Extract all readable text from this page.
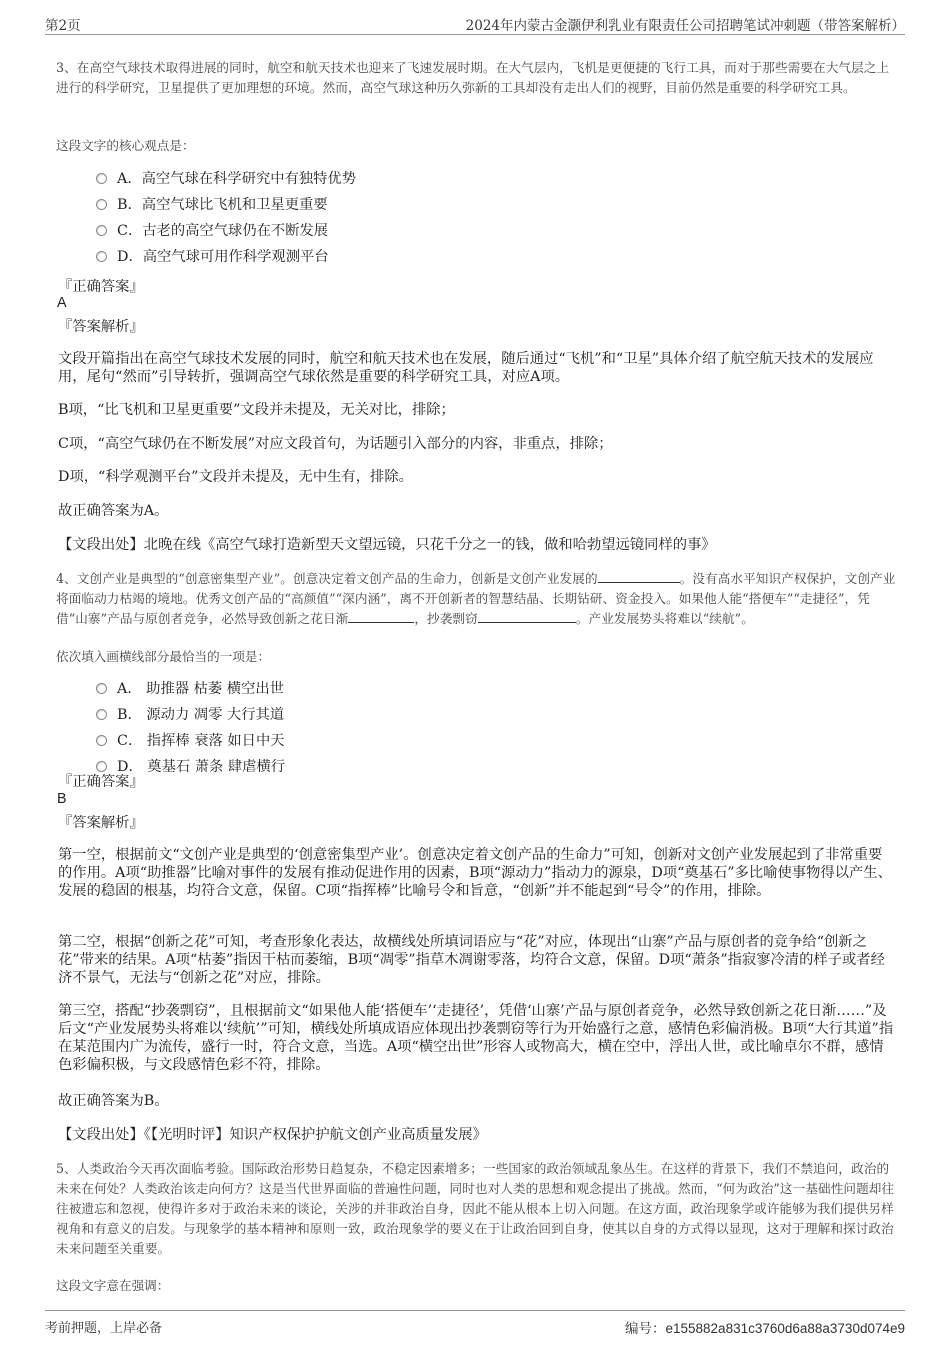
第2页	2024年内蒙古金灏伊利乳业有限责任公司招聘笔试冲刺题（带答案解析）
3、在高空气球技术取得进展的同时，航空和航天技术也迎来了飞速发展时期。在大气层内，飞机是更便捷的飞行工具，而对于那些需要在大气层之上进行的科学研究，卫星提供了更加理想的环境。然而，高空气球这种历久弥新的工具却没有走出人们的视野，目前仍然是重要的科学研究工具。
这段文字的核心观点是：
A．高空气球在科学研究中有独特优势
B．高空气球比飞机和卫星更重要
C．古老的高空气球仍在不断发展
D．高空气球可用作科学观测平台
『正确答案』
A
『答案解析』
文段开篇指出在高空气球技术发展的同时，航空和航天技术也在发展，随后通过“飞机”和“卫星”具体介绍了航空航天技术的发展应用，尾句“然而”引导转折，强调高空气球依然是重要的科学研究工具，对应A项。
B项，“比飞机和卫星更重要”文段并未提及，无关对比，排除；
C项，“高空气球仍在不断发展”对应文段首句，为话题引入部分的内容，非重点，排除；
D项，“科学观测平台”文段并未提及，无中生有，排除。
故正确答案为A。
【文段出处】北晚在线《高空气球打造新型天文望远镜，只花千分之一的钱，做和哈勃望远镜同样的事》
4、文创产业是典型的“创意密集型产业”。创意决定着文创产品的生命力，创新是文创产业发展的	。没有高水平知识产权保护，文创产业将面临动力枯竭的境地。优秀文创产品的“高颜值”“深内涵”，离不开创新者的智慧结晶、长期钻研、资金投入。如果他人能“搭便车”“走捷径”，凭借“山寨”产品与原创者竞争，必然导致创新之花日渐	，抄袭剽窃	。产业发展势头将难以“续航”。
依次填入画横线部分最恰当的一项是：
A． 助推器 枯萎 横空出世
B． 源动力 凋零 大行其道
C． 指挥棒 衰落 如日中天
D． 奠基石 萧条 肆虐横行
『正确答案』
B
『答案解析』
第一空，根据前文“文创产业是典型的‘创意密集型产业’。创意决定着文创产品的生命力”可知，创新对文创产业发展起到了非常重要的作用。A项“助推器”比喻对事件的发展有推动促进作用的因素，B项“源动力”指动力的源泉，D项“奠基石”多比喻使事物得以产生、发展的稳固的根基，均符合文意，保留。C项“指挥棒”比喻号令和旨意，“创新”并不能起到“号令”的作用，排除。
第二空，根据“创新之花”可知，考查形象化表达，故横线处所填词语应与“花”对应，体现出“山寨”产品与原创者的竞争给“创新之花”带来的结果。A项“枯萎”指因干枯而萎缩，B项“凋零”指草木凋谢零落，均符合文意，保留。D项“萧条”指寂寥冷清的样子或者经济不景气，无法与“创新之花”对应，排除。
第三空，搭配“抄袭剽窃”，且根据前文“如果他人能‘搭便车’‘走捷径’，凭借‘山寨’产品与原创者竞争，必然导致创新之花日渐……”及后文“产业发展势头将难以‘续航’”可知，横线处所填成语应体现出抄袭剽窃等行为开始盛行之意，感情色彩偏消极。B项“大行其道”指在某范围内广为流传，盛行一时，符合文意，当选。A项“横空出世”形容人或物高大，横在空中，浮出人世，或比喻卓尔不群，感情色彩偏积极，与文段感情色彩不符，排除。
故正确答案为B。
【文段出处】《【光明时评】知识产权保护护航文创产业高质量发展》
5、人类政治今天再次面临考验。国际政治形势日趋复杂，不稳定因素增多；一些国家的政治领域乱象丛生。在这样的背景下，我们不禁追问，政治的未来在何处？人类政治该走向何方？这是当代世界面临的普遍性问题，同时也对人类的思想和观念提出了挑战。然而，“何为政治”这一基础性问题却往往被遗忘和忽视，使得许多对于政治未来的谈论，关涉的并非政治自身，因此不能从根本上切入问题。在这方面，政治现象学或许能够为我们提供另样视角和有意义的启发。与现象学的基本精神和原则一致，政治现象学的要义在于让政治回到自身，使其以自身的方式得以显现，这对于理解和探讨政治未来问题至关重要。
这段文字意在强调：
考前押题，上岸必备	编号：e155882a831c3760d6a88a3730d074e9
